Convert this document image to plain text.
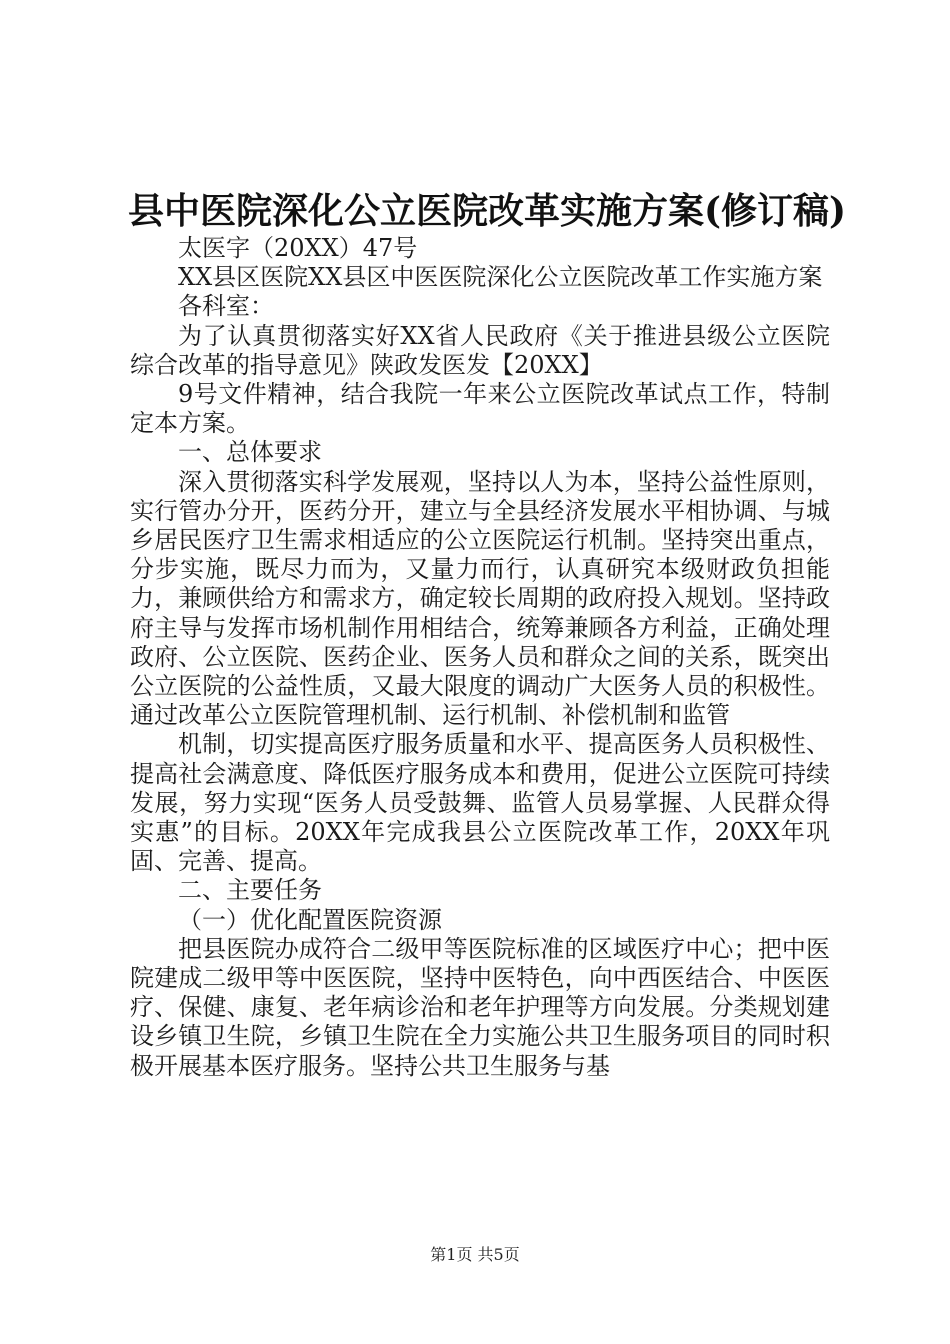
县中医院深化公立医院改革实施方案(修订稿)

太医字（20XX）47号

XX县区医院XX县区中医医院深化公立医院改革工作实施方案

各科室：

为了认真贯彻落实好XX省人民政府《关于推进县级公立医院综合改革的指导意见》陕政发医发【20XX】

9号文件精神，结合我院一年来公立医院改革试点工作，特制定本方案。

一、总体要求

深入贯彻落实科学发展观，坚持以人为本，坚持公益性原则，实行管办分开，医药分开，建立与全县经济发展水平相协调、与城乡居民医疗卫生需求相适应的公立医院运行机制。坚持突出重点，分步实施，既尽力而为，又量力而行，认真研究本级财政负担能力，兼顾供给方和需求方，确定较长周期的政府投入规划。坚持政府主导与发挥市场机制作用相结合，统筹兼顾各方利益，正确处理政府、公立医院、医药企业、医务人员和群众之间的关系，既突出公立医院的公益性质，又最大限度的调动广大医务人员的积极性。通过改革公立医院管理机制、运行机制、补偿机制和监管

机制，切实提高医疗服务质量和水平、提高医务人员积极性、提高社会满意度、降低医疗服务成本和费用，促进公立医院可持续发展，努力实现“医务人员受鼓舞、监管人员易掌握、人民群众得实惠”的目标。20XX年完成我县公立医院改革工作，20XX年巩固、完善、提高。

二、主要任务

（一）优化配置医院资源

把县医院办成符合二级甲等医院标准的区域医疗中心；把中医院建成二级甲等中医医院，坚持中医特色，向中西医结合、中医医疗、保健、康复、老年病诊治和老年护理等方向发展。分类规划建设乡镇卫生院，乡镇卫生院在全力实施公共卫生服务项目的同时积极开展基本医疗服务。坚持公共卫生服务与基

第1页 共5页
